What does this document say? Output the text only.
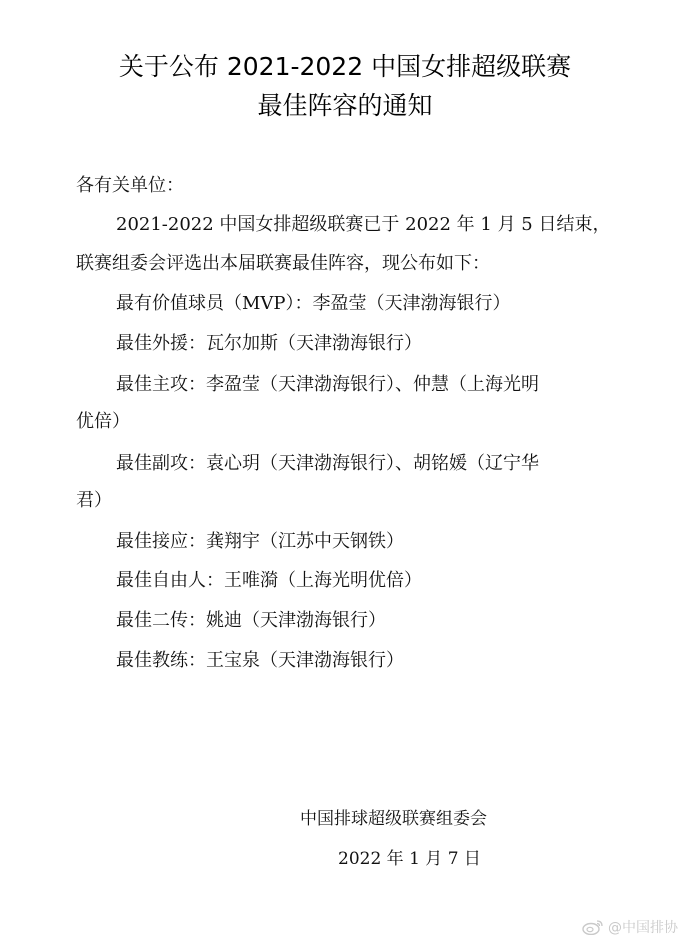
关于公布 2021-2022 中国女排超级联赛
最佳阵容的通知
各有关单位：
2021-2022 中国女排超级联赛已于 2022 年 1 月 5 日结束，
联赛组委会评选出本届联赛最佳阵容，现公布如下：
最有价值球员（MVP）：李盈莹（天津渤海银行）
最佳外援：瓦尔加斯（天津渤海银行）
最佳主攻：李盈莹（天津渤海银行）、仲慧（上海光明
优倍）
最佳副攻：袁心玥（天津渤海银行）、胡铭媛（辽宁华
君）
最佳接应：龚翔宇（江苏中天钢铁）
最佳自由人：王唯漪（上海光明优倍）
最佳二传：姚迪（天津渤海银行）
最佳教练：王宝泉（天津渤海银行）
中国排球超级联赛组委会
2022 年 1 月 7 日
@中国排协
